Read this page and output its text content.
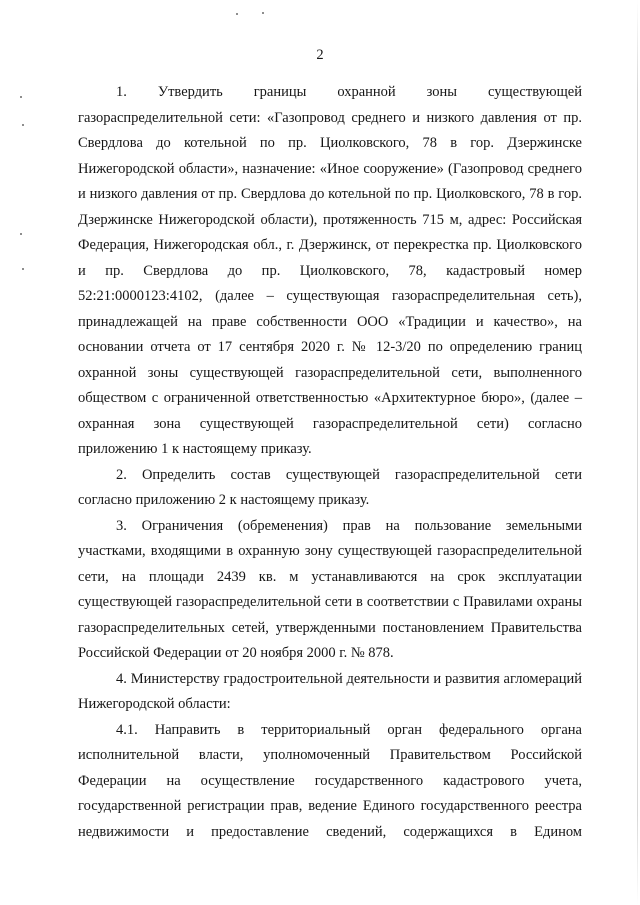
2

1. Утвердить границы охранной зоны существующей газораспределительной сети: «Газопровод среднего и низкого давления от пр. Свердлова до котельной по пр. Циолковского, 78 в гор. Дзержинске Нижегородской области», назначение: «Иное сооружение» (Газопровод среднего и низкого давления от пр. Свердлова до котельной по пр. Циолковского, 78 в гор. Дзержинске Нижегородской области), протяженность 715 м, адрес: Российская Федерация, Нижегородская обл., г. Дзержинск, от перекрестка пр. Циолковского и пр. Свердлова до пр. Циолковского, 78, кадастровый номер 52:21:0000123:4102, (далее – существующая газораспределительная сеть), принадлежащей на праве собственности ООО «Традиции и качество», на основании отчета от 17 сентября 2020 г. № 12-3/20 по определению границ охранной зоны существующей газораспределительной сети, выполненного обществом с ограниченной ответственностью «Архитектурное бюро», (далее – охранная зона существующей газораспределительной сети) согласно приложению 1 к настоящему приказу.

2. Определить состав существующей газораспределительной сети согласно приложению 2 к настоящему приказу.

3. Ограничения (обременения) прав на пользование земельными участками, входящими в охранную зону существующей газораспределительной сети, на площади 2439 кв. м устанавливаются на срок эксплуатации существующей газораспределительной сети в соответствии с Правилами охраны газораспределительных сетей, утвержденными постановлением Правительства Российской Федерации от 20 ноября 2000 г. № 878.

4. Министерству градостроительной деятельности и развития агломераций Нижегородской области:

4.1. Направить в территориальный орган федерального органа исполнительной власти, уполномоченный Правительством Российской Федерации на осуществление государственного кадастрового учета, государственной регистрации прав, ведение Единого государственного реестра недвижимости и предоставление сведений, содержащихся в Едином
